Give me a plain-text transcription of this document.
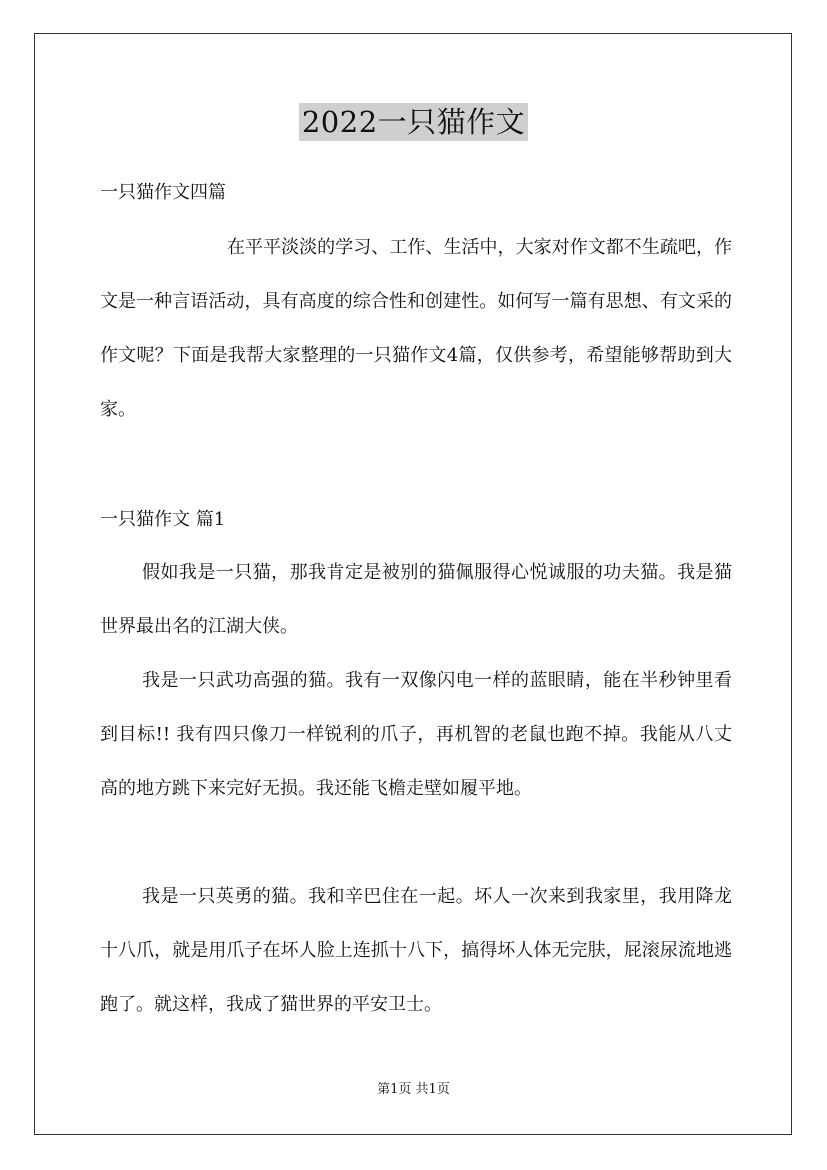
2022一只猫作文
一只猫作文四篇
在平平淡淡的学习、工作、生活中，大家对作文都不生疏吧，作文是一种言语活动，具有高度的综合性和创建性。如何写一篇有思想、有文采的作文呢？下面是我帮大家整理的一只猫作文4篇，仅供参考，希望能够帮助到大家。
一只猫作文 篇1
假如我是一只猫，那我肯定是被别的猫佩服得心悦诚服的功夫猫。我是猫世界最出名的江湖大侠。
我是一只武功高强的猫。我有一双像闪电一样的蓝眼睛，能在半秒钟里看到目标!! 我有四只像刀一样锐利的爪子，再机智的老鼠也跑不掉。我能从八丈高的地方跳下来完好无损。我还能飞檐走壁如履平地。
我是一只英勇的猫。我和辛巴住在一起。坏人一次来到我家里，我用降龙十八爪，就是用爪子在坏人脸上连抓十八下，搞得坏人体无完肤，屁滚尿流地逃跑了。就这样，我成了猫世界的平安卫士。
第1页 共1页
